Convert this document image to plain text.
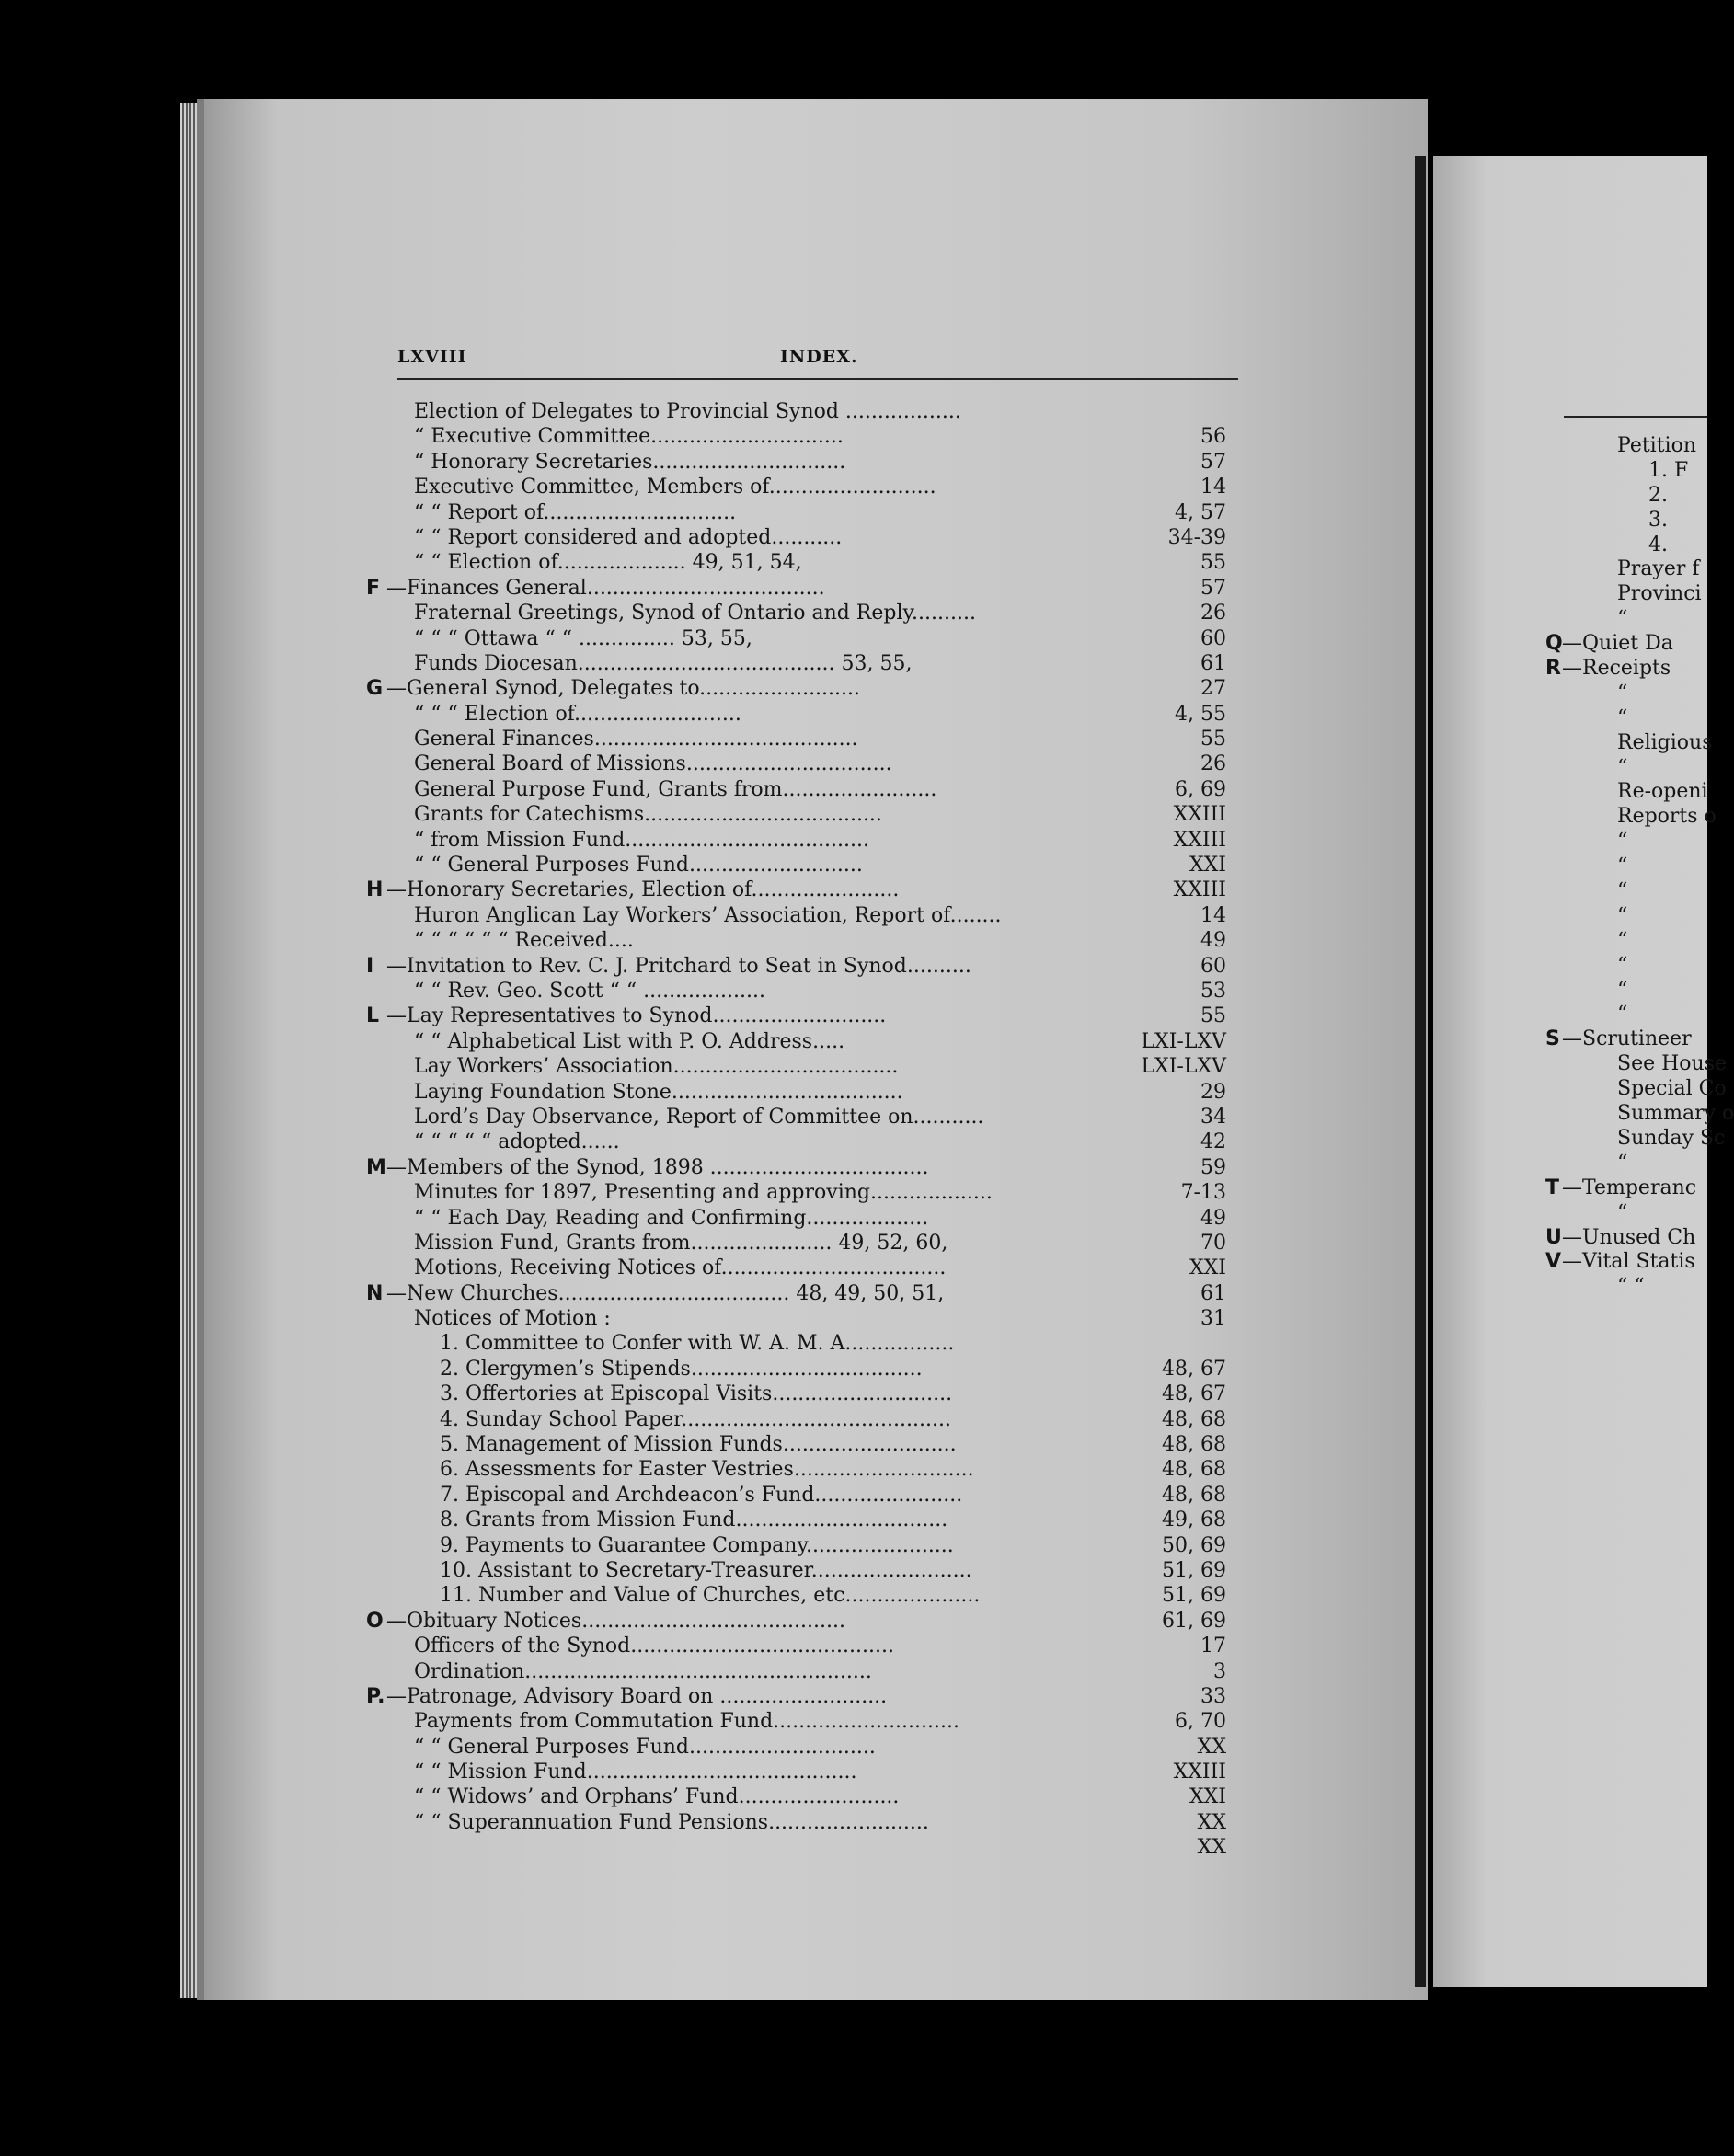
LXVIII	INDEX.
Election of Delegates to Provincial Synod ..................
“ Executive Committee..............................	56
“ Honorary Secretaries..............................	57
Executive Committee, Members of..........................	14
“ “ Report of..............................	4, 57
“ “ Report considered and adopted...........	34-39
“ “ Election of.................... 49, 51, 54,	55
F —Finances General.....................................	57
Fraternal Greetings, Synod of Ontario and Reply..........	26
“ “ “ Ottawa “ “ ............... 53, 55,	60
Funds Diocesan........................................ 53, 55,	61
G —General Synod, Delegates to.........................	27
“ “ “ Election of..........................	4, 55
General Finances.........................................	55
General Board of Missions................................	26
General Purpose Fund, Grants from........................	6, 69
Grants for Catechisms.....................................	XXIII
“ from Mission Fund......................................	XXIII
“ “ General Purposes Fund...........................	XXI
H —Honorary Secretaries, Election of.......................	XXIII
Huron Anglican Lay Workers’ Association, Report of........	14
“ “ “ “ “ “ Received....	49
I —Invitation to Rev. C. J. Pritchard to Seat in Synod..........	60
“ “ Rev. Geo. Scott “ “ ...................	53
L —Lay Representatives to Synod...........................	55
“ “ Alphabetical List with P. O. Address.....	LXI-LXV
Lay Workers’ Association...................................	LXI-LXV
Laying Foundation Stone....................................	29
Lord’s Day Observance, Report of Committee on...........	34
“ “ “ “ “ adopted......	42
M —Members of the Synod, 1898 ..................................	59
Minutes for 1897, Presenting and approving...................	7-13
“ “ Each Day, Reading and Confirming...................	49
Mission Fund, Grants from...................... 49, 52, 60,	70
Motions, Receiving Notices of...................................	XXI
N —New Churches.................................... 48, 49, 50, 51,	61
Notices of Motion :	31
1. Committee to Confer with W. A. M. A.................
2. Clergymen’s Stipends....................................	48, 67
3. Offertories at Episcopal Visits............................	48, 67
4. Sunday School Paper..........................................	48, 68
5. Management of Mission Funds...........................	48, 68
6. Assessments for Easter Vestries............................	48, 68
7. Episcopal and Archdeacon’s Fund.......................	48, 68
8. Grants from Mission Fund.................................	49, 68
9. Payments to Guarantee Company.......................	50, 69
10. Assistant to Secretary-Treasurer.........................	51, 69
11. Number and Value of Churches, etc.....................	51, 69
O —Obituary Notices.........................................	61, 69
Officers of the Synod.........................................	17
Ordination......................................................	3
P. —Patronage, Advisory Board on ..........................	33
Payments from Commutation Fund.............................	6, 70
“ “ General Purposes Fund.............................	XX
“ “ Mission Fund..........................................	XXIII
“ “ Widows’ and Orphans’ Fund.........................	XXI
“ “ Superannuation Fund Pensions.........................	XX
XX
Petition
1. F
2.
3.
4.
Prayer f
Provinci
“
Q —Quiet Da
R —Receipts
“
“
Religious
“
Re-openi
Reports o
“
“
“
“
“
“
“
“
S —Scrutineer
See House
Special Co
Summary o
Sunday Sc
“
T —Temperanc
“
U —Unused Ch
V —Vital Statis
“ “
